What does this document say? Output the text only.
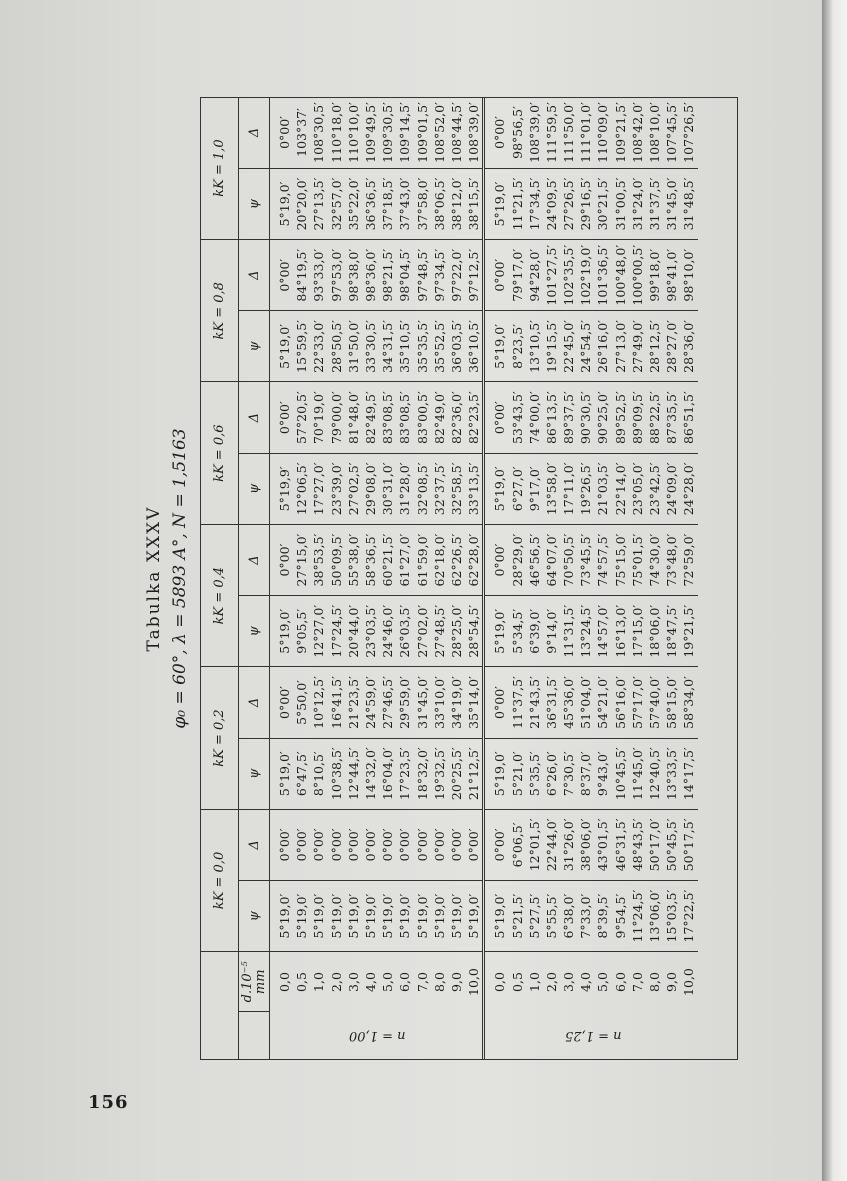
156
Tabulka XXXV φ₀ = 60°, λ = 5893 A°, N = 1,5163
		kK = 0,0		kK = 0,2		kK = 0,4		kK = 0,6		kK = 0,8		kK = 1,0	
	d.10⁻⁵ mm	ψ	Δ	ψ	Δ	ψ	Δ	ψ	Δ	ψ	Δ	ψ	Δ
n = 1,00	0,0	5°19,0′	0°00′	5°19,0′	0°00′	5°19,0′	0°00′	5°19,9′	0°00′	5°19,0′	0°00′	5°19,0′	0°00′
	0,5	5°19,0′	0°00′	6°47,5′	5°50,0′	9°05,5′	27°15,0′	12°06,5′	57°20,5′	15°59,5′	84°19,5′	20°20,0′	103°37′
	1,0	5°19,0′	0°00′	8°10,5′	10°12,5′	12°27,0′	38°53,5′	17°27,0′	70°19,0′	22°33,0′	93°33,0′	27°13,5′	108°30,5′
	2,0	5°19,0′	0°00′	10°38,5′	16°41,5′	17°24,5′	50°09,5′	23°39,0′	79°00,0′	28°50,5′	97°53,0′	32°57,0′	110°18,0′
	3,0	5°19,0′	0°00′	12°44,5′	21°23,5′	20°44,0′	55°38,0′	27°02,5′	81°48,0′	31°50,0′	98°38,0′	35°22,0′	110°10,0′
	4,0	5°19,0′	0°00′	14°32,0′	24°59,0′	23°03,5′	58°36,5′	29°08,0′	82°49,5′	33°30,5′	98°36,0′	36°36,5′	109°49,5′
	5,0	5°19,0′	0°00′	16°04,0′	27°46,5′	24°46,0′	60°21,5′	30°31,0′	83°08,5′	34°31,5′	98°21,5′	37°18,5′	109°30,5′
	6,0	5°19,0′	0°00′	17°23,5′	29°59,0′	26°03,5′	61°27,0′	31°28,0′	83°08,5′	35°10,5′	98°04,5′	37°43,0′	109°14,5′
	7,0	5°19,0′	0°00′	18°32,0′	31°45,0′	27°02,0′	61°59,0′	32°08,5′	83°00,5′	35°35,5′	97°48,5′	37°58,0′	109°01,5′
	8,0	5°19,0′	0°00′	19°32,5′	33°10,0′	27°48,5′	62°18,0′	32°37,5′	82°49,0′	35°52,5′	97°34,5′	38°06,5′	108°52,0′
	9,0	5°19,0′	0°00′	20°25,5′	34°19,0′	28°25,0′	62°26,5′	32°58,5′	82°36,0′	36°03,5′	97°22,0′	38°12,0′	108°44,5′
	10,0	5°19,0′	0°00′	21°12,5′	35°14,0′	28°54,5′	62°28,0′	33°13,5′	82°23,5′	36°10,5′	97°12,5′	38°15,5′	108°39,0′
n = 1,25	0,0	5°19,0′	0°00′	5°19,0′	0°00′	5°19,0′	0°00′	5°19,0′	0°00′	5°19,0′	0°00′	5°19,0′	0°00′
	0,5	5°21,5′	6°06,5′	5°21,0′	11°37,5′	5°34,5′	28°29,0′	6°27,0′	53°43,5′	8°23,5′	79°17,0′	11°21,5′	98°56,5′
	1,0	5°27,5′	12°01,5′	5°35,5′	21°43,5′	6°39,0′	46°56,5′	9°17,0′	74°00,0′	13°10,5′	94°28,0′	17°34,5′	108°39,0′
	2,0	5°55,5′	22°44,0′	6°26,0′	36°31,5′	9°14,0′	64°07,0′	13°58,0′	86°13,5′	19°15,5′	101°27,5′	24°09,5′	111°59,5′
	3,0	6°38,0′	31°26,0′	7°30,5′	45°36,0′	11°31,5′	70°50,5′	17°11,0′	89°37,5′	22°45,0′	102°35,5′	27°26,5′	111°50,0′
	4,0	7°33,0′	38°06,0′	8°37,0′	51°04,0′	13°24,5′	73°45,5′	19°26,5′	90°30,5′	24°54,5′	102°19,0′	29°16,5′	111°01,0′
	5,0	8°39,5′	43°01,5′	9°43,0′	54°21,0′	14°57,0′	74°57,5′	21°03,5′	90°25,0′	26°16,0′	101°36,5′	30°21,5′	110°09,0′
	6,0	9°54,5′	46°31,5′	10°45,5′	56°16,0′	16°13,0′	75°15,0′	22°14,0′	89°52,5′	27°13,0′	100°48,0′	31°00,5′	109°21,5′
	7,0	11°24,5′	48°43,5′	11°45,0′	57°17,0′	17°15,0′	75°01,5′	23°05,0′	89°09,5′	27°49,0′	100°00,5′	31°24,0′	108°42,0′
	8,0	13°06,0′	50°17,0′	12°40,5′	57°40,0′	18°06,0′	74°30,0′	23°42,5′	88°22,5′	28°12,5′	99°18,0′	31°37,5′	108°10,0′
	9,0	15°03,5′	50°45,5′	13°33,5′	58°15,0′	18°47,5′	73°48,0′	24°09,0′	87°35,5′	28°27,0′	98°41,0′	31°45,0′	107°45,5′
	10,0	17°22,5′	50°17,5′	14°17,5′	58°34,0′	19°21,5′	72°59,0′	24°28,0′	86°51,5′	28°36,0′	98°10,0′	31°48,5′	107°26,5′
